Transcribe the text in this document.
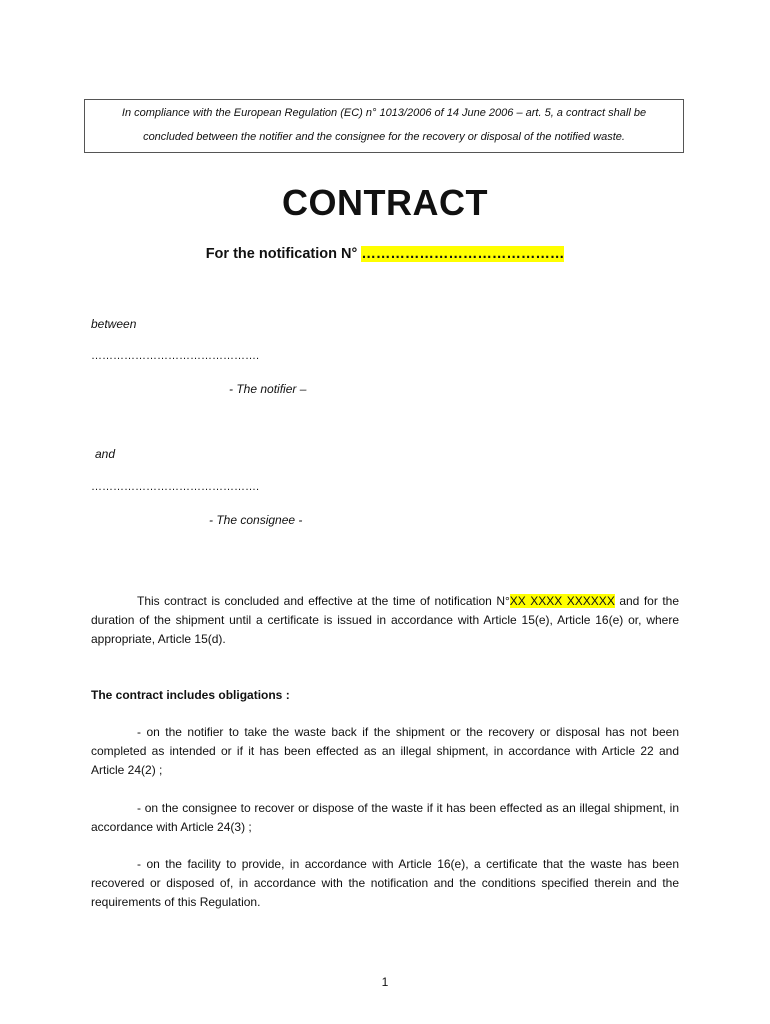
In compliance with the European Regulation (EC) n° 1013/2006 of 14 June 2006 – art. 5, a contract shall be
concluded between the notifier and the consignee for the recovery or disposal of the notified waste.
CONTRACT
For the notification N° ……………………………………
between
……………………………………….
- The notifier –
and
……………………………………….
- The consignee -
This contract is concluded and effective at the time of notification N°XX XXXX XXXXXX and for the duration of the shipment until a certificate is issued in accordance with Article 15(e), Article 16(e) or, where appropriate, Article 15(d).
The contract includes obligations :
- on the notifier to take the waste back if the shipment or the recovery or disposal has not been completed as intended or if it has been effected as an illegal shipment, in accordance with Article 22 and Article 24(2) ;
- on the consignee to recover or dispose of the waste if it has been effected as an illegal shipment, in accordance with Article 24(3) ;
- on the facility to provide, in accordance with Article 16(e), a certificate that the waste has been recovered or disposed of, in accordance with the notification and the conditions specified therein and the requirements of this Regulation.
1
